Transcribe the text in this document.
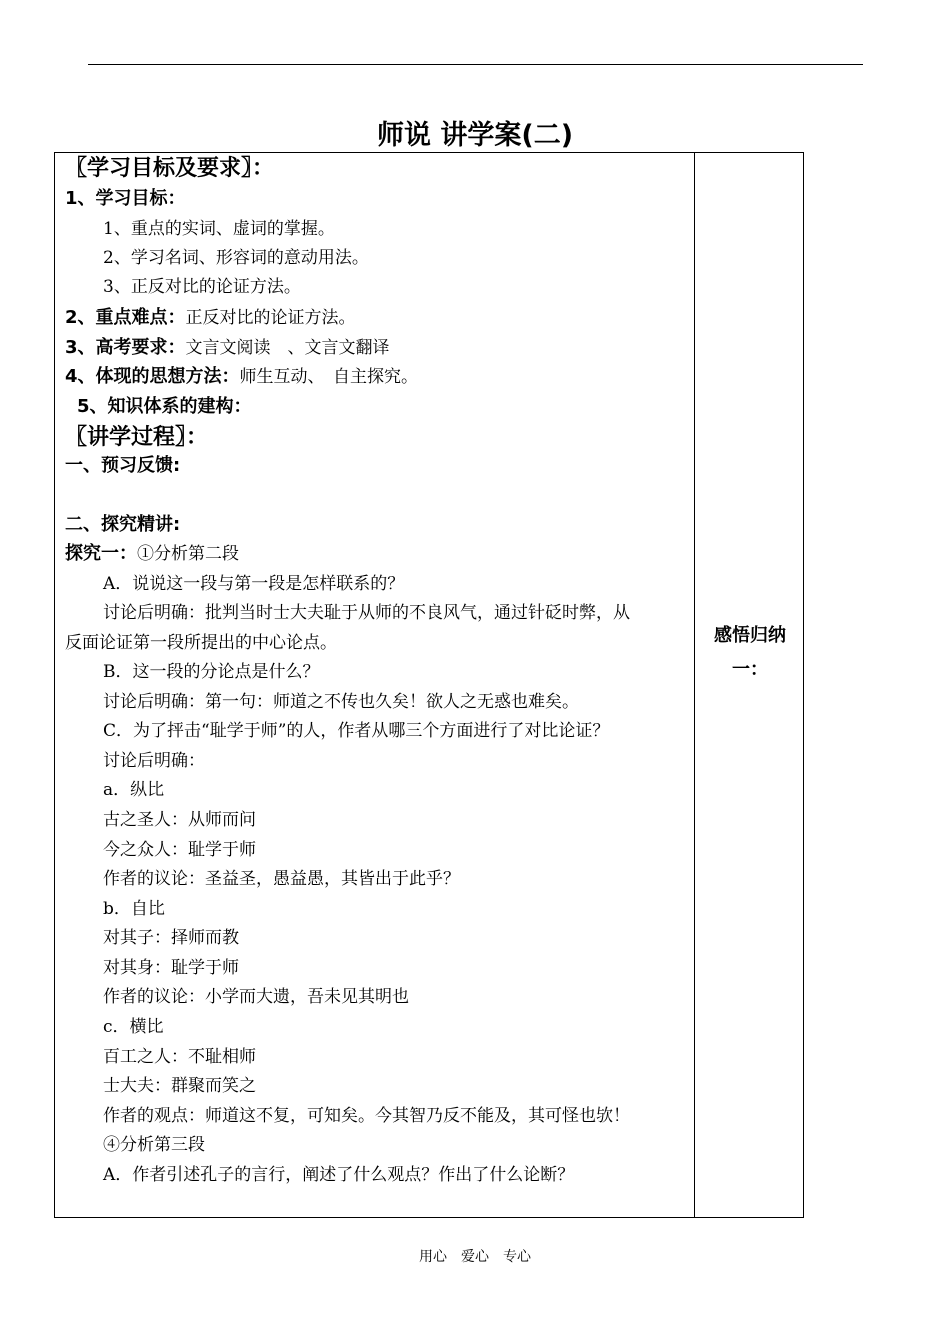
师说 讲学案(二)
〖学习目标及要求〗：
1、学习目标：
1、重点的实词、虚词的掌握。
2、学习名词、形容词的意动用法。
3、正反对比的论证方法。
2、重点难点：正反对比的论证方法。
3、高考要求：文言文阅读　、文言文翻译
4、体现的思想方法：师生互动、　自主探究。
5、知识体系的建构：
〖讲学过程〗：
一、预习反馈:
二、探究精讲:
探究一：①分析第二段
A．说说这一段与第一段是怎样联系的？
讨论后明确：批判当时士大夫耻于从师的不良风气，通过针砭时弊，从
反面论证第一段所提出的中心论点。
B．这一段的分论点是什么？
讨论后明确：第一句：师道之不传也久矣！欲人之无惑也难矣。
C．为了抨击“耻学于师”的人，作者从哪三个方面进行了对比论证？
讨论后明确：
a．纵比
古之圣人：从师而问
今之众人：耻学于师
作者的议论：圣益圣，愚益愚，其皆出于此乎？
b．自比
对其子：择师而教
对其身：耻学于师
作者的议论：小学而大遗，吾未见其明也
c．横比
百工之人：不耻相师
士大夫：群聚而笑之
作者的观点：师道这不复，可知矣。今其智乃反不能及，其可怪也欤！
④分析第三段
A．作者引述孔子的言行，阐述了什么观点？作出了什么论断？
感悟归纳
一：
用心　爱心　专心
